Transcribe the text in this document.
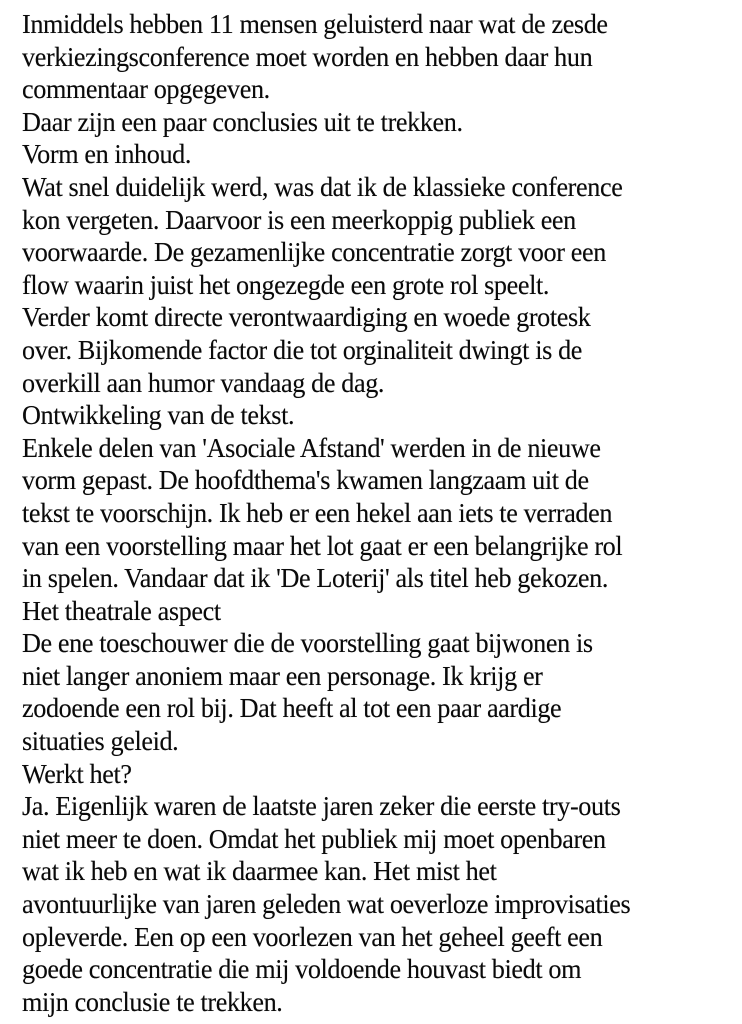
Inmiddels hebben 11 mensen geluisterd naar wat de zesde
verkiezingsconference moet worden en hebben daar hun
commentaar opgegeven.
Daar zijn een paar conclusies uit te trekken.
Vorm en inhoud.
Wat snel duidelijk werd, was dat ik de klassieke conference
kon vergeten. Daarvoor is een meerkoppig publiek een
voorwaarde. De gezamenlijke concentratie zorgt voor een
flow waarin juist het ongezegde een grote rol speelt.
Verder komt directe verontwaardiging en woede grotesk
over. Bijkomende factor die tot orginaliteit dwingt is de
overkill aan humor vandaag de dag.
Ontwikkeling van de tekst.
Enkele delen van 'Asociale Afstand' werden in de nieuwe
vorm gepast. De hoofdthema's kwamen langzaam uit de
tekst te voorschijn. Ik heb er een hekel aan iets te verraden
van een voorstelling maar het lot gaat er een belangrijke rol
in spelen. Vandaar dat ik 'De Loterij' als titel heb gekozen.
Het theatrale aspect
De ene toeschouwer die de voorstelling gaat bijwonen is
niet langer anoniem maar een personage. Ik krijg er
zodoende een rol bij. Dat heeft al tot een paar aardige
situaties geleid.
Werkt het?
Ja. Eigenlijk waren de laatste jaren zeker die eerste try-outs
niet meer te doen. Omdat het publiek mij moet openbaren
wat ik heb en wat ik daarmee kan. Het mist het
avontuurlijke van jaren geleden wat oeverloze improvisaties
opleverde. Een op een voorlezen van het geheel geeft een
goede concentratie die mij voldoende houvast biedt om
mijn conclusie te trekken.
